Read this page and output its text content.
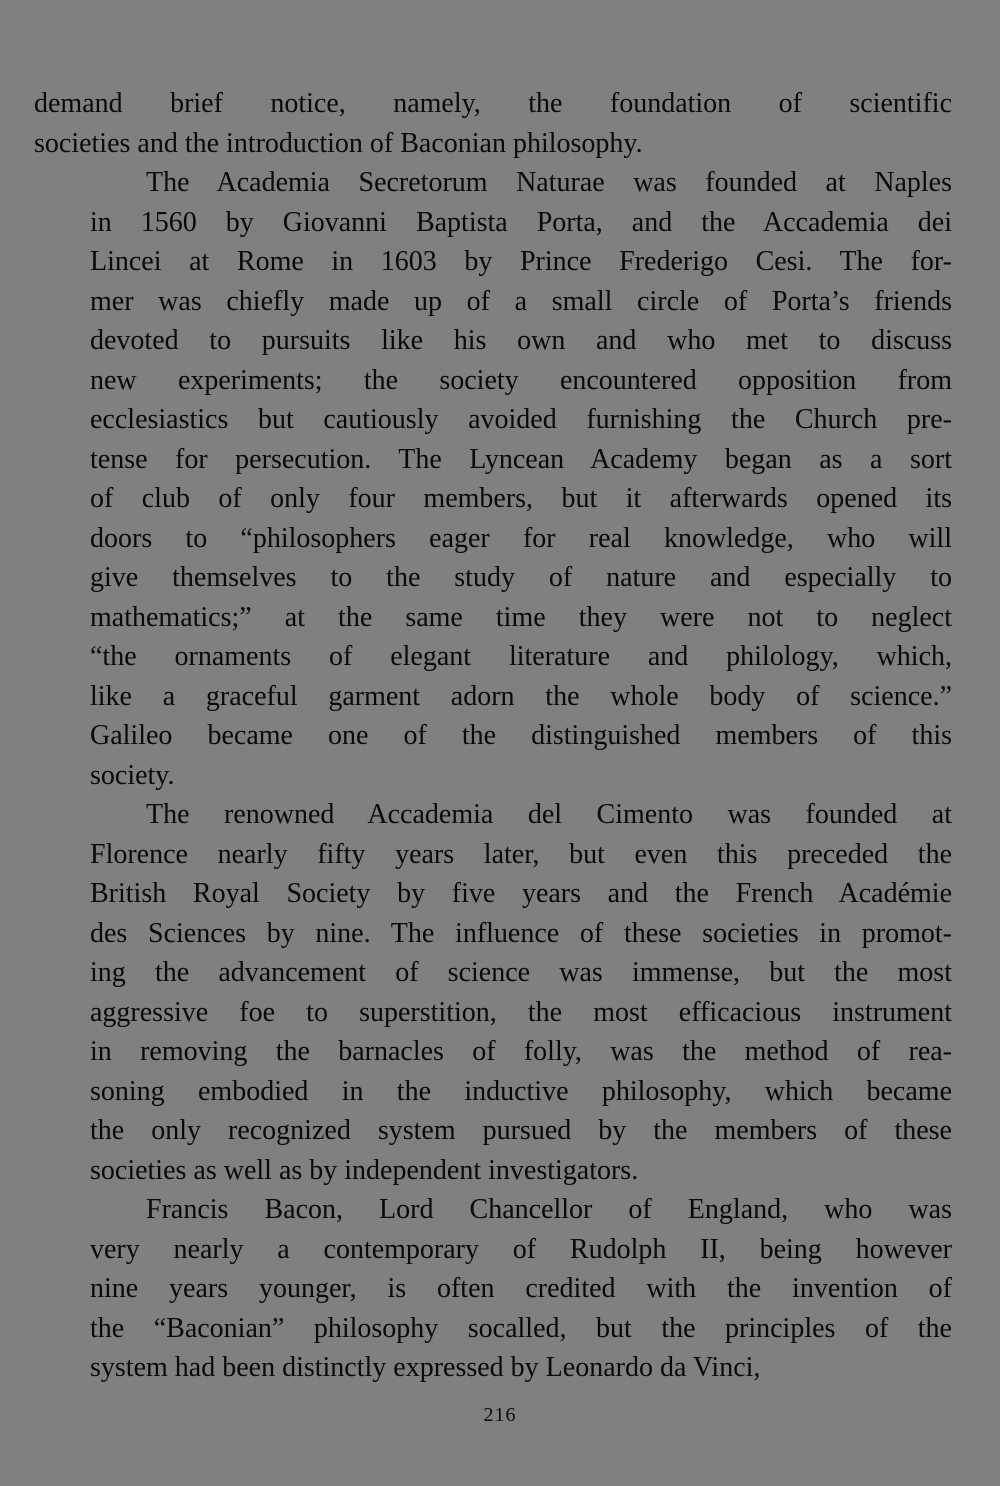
demand brief notice, namely, the foundation of scientific
societies and the introduction of Baconian philosophy.

The Academia Secretorum Naturae was founded at Naples
in 1560 by Giovanni Baptista Porta, and the Accademia dei
Lincei at Rome in 1603 by Prince Frederigo Cesi. The for-
mer was chiefly made up of a small circle of Porta’s friends
devoted to pursuits like his own and who met to discuss
new experiments; the society encountered opposition from
ecclesiastics but cautiously avoided furnishing the Church pre-
tense for persecution. The Lyncean Academy began as a sort
of club of only four members, but it afterwards opened its
doors to “philosophers eager for real knowledge, who will
give themselves to the study of nature and especially to
mathematics;” at the same time they were not to neglect
“the ornaments of elegant literature and philology, which,
like a graceful garment adorn the whole body of science.”
Galileo became one of the distinguished members of this
society.

The renowned Accademia del Cimento was founded at
Florence nearly fifty years later, but even this preceded the
British Royal Society by five years and the French Académie
des Sciences by nine. The influence of these societies in promot-
ing the advancement of science was immense, but the most
aggressive foe to superstition, the most efficacious instrument
in removing the barnacles of folly, was the method of rea-
soning embodied in the inductive philosophy, which became
the only recognized system pursued by the members of these
societies as well as by independent investigators.

Francis Bacon, Lord Chancellor of England, who was
very nearly a contemporary of Rudolph II, being however
nine years younger, is often credited with the invention of
the “Baconian” philosophy socalled, but the principles of the
system had been distinctly expressed by Leonardo da Vinci,

216
